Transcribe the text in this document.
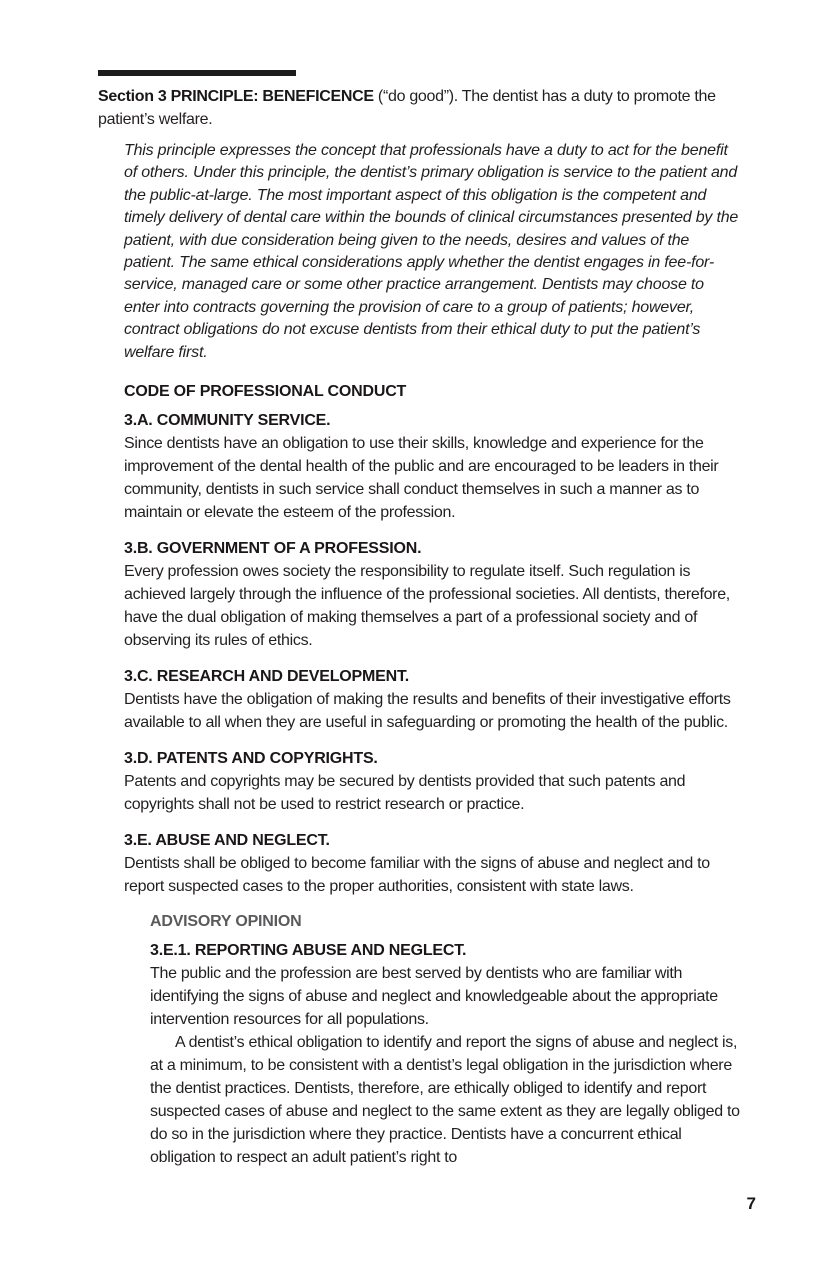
Section 3 PRINCIPLE: BENEFICENCE (“do good”). The dentist has a duty to promote the patient’s welfare.
This principle expresses the concept that professionals have a duty to act for the benefit of others. Under this principle, the dentist’s primary obligation is service to the patient and the public-at-large. The most important aspect of this obligation is the competent and timely delivery of dental care within the bounds of clinical circumstances presented by the patient, with due consideration being given to the needs, desires and values of the patient. The same ethical considerations apply whether the dentist engages in fee-for-service, managed care or some other practice arrangement. Dentists may choose to enter into contracts governing the provision of care to a group of patients; however, contract obligations do not excuse dentists from their ethical duty to put the patient’s welfare first.
CODE OF PROFESSIONAL CONDUCT
3.A. COMMUNITY SERVICE.
Since dentists have an obligation to use their skills, knowledge and experience for the improvement of the dental health of the public and are encouraged to be leaders in their community, dentists in such service shall conduct themselves in such a manner as to maintain or elevate the esteem of the profession.
3.B. GOVERNMENT OF A PROFESSION.
Every profession owes society the responsibility to regulate itself. Such regulation is achieved largely through the influence of the professional societies. All dentists, therefore, have the dual obligation of making themselves a part of a professional society and of observing its rules of ethics.
3.C. RESEARCH AND DEVELOPMENT.
Dentists have the obligation of making the results and benefits of their investigative efforts available to all when they are useful in safeguarding or promoting the health of the public.
3.D. PATENTS AND COPYRIGHTS.
Patents and copyrights may be secured by dentists provided that such patents and copyrights shall not be used to restrict research or practice.
3.E. ABUSE AND NEGLECT.
Dentists shall be obliged to become familiar with the signs of abuse and neglect and to report suspected cases to the proper authorities, consistent with state laws.
ADVISORY OPINION
3.E.1. REPORTING ABUSE AND NEGLECT.
The public and the profession are best served by dentists who are familiar with identifying the signs of abuse and neglect and knowledgeable about the appropriate intervention resources for all populations.
A dentist’s ethical obligation to identify and report the signs of abuse and neglect is, at a minimum, to be consistent with a dentist’s legal obligation in the jurisdiction where the dentist practices. Dentists, therefore, are ethically obliged to identify and report suspected cases of abuse and neglect to the same extent as they are legally obliged to do so in the jurisdiction where they practice. Dentists have a concurrent ethical obligation to respect an adult patient’s right to
7
